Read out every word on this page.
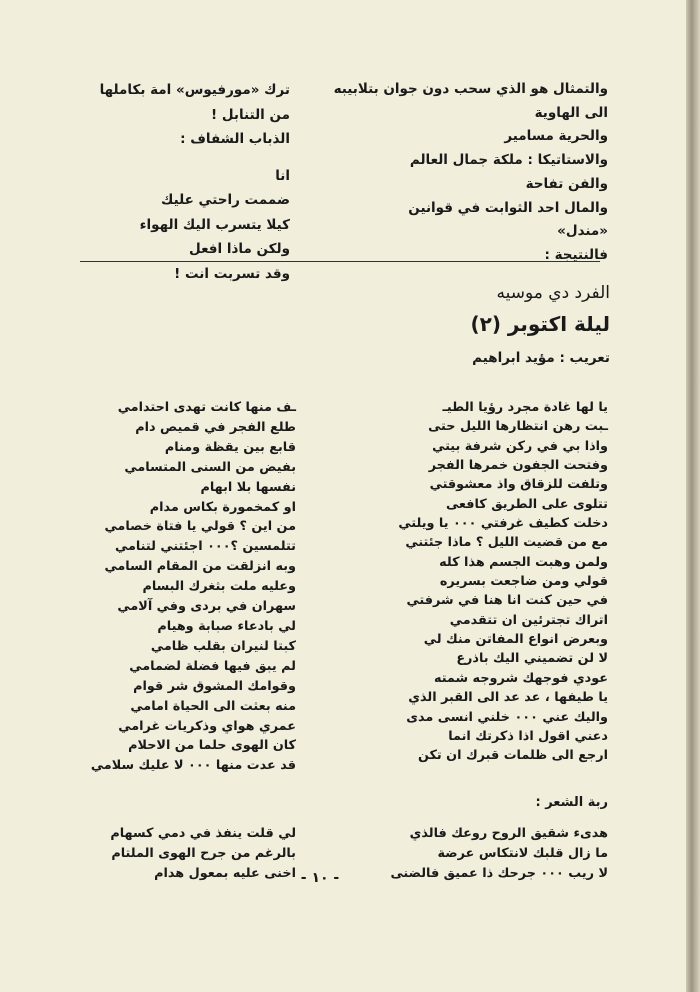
والتمثال هو الذي سحب دون جوان بتلابيبه
الى الهاوية
والحرية مسامير
والاستاتيكا : ملكة جمال العالم
والفن تفاحة
والمال احد الثوابت في قوانين
«مندل»
فالنتيجة :
ترك «مورفيوس» امة بكاملها
من التنابل !
الذباب الشفاف :
انا
ضممت راحتي عليك
كيلا يتسرب اليك الهواء
ولكن ماذا افعل
وقد تسربت انت !
الفرد دي موسيه
ليلة اكتوبر (٢)
تعريب : مؤيد ابراهيم
يا لها غادة مجرد رؤيا الطيـ
ـبت رهن انتظارها الليل حتى
واذا بي في ركن شرفة بيتي
وفتحت الجفون خمرها الفجر
وتلفت للزقاق واذ معشوقتي
تتلوى على الطريق كافعى
دخلت كطيف غرفتي ٠٠٠ يا ويلتي
مع من قضيت الليل ؟ ماذا جئتني
ولمن وهبت الجسم هذا كله
قولي ومن ضاجعت بسريره
في حين كنت انا هنا في شرفتي
اتراك تجترئين ان تتقدمي
وبعرض انواع المفاتن منك لي
لا لن تضميني اليك باذرع
عودي فوجهك شروجه شمته
يا طيفها ، عد عد الى القبر الذي
واليك عني ٠٠٠ خلني انسى مدى
دعني اقول اذا ذكرتك انما
ارجع الى ظلمات قبرك ان تكن
ـف منها كانت تهدى احتدامي
طلع الفجر في قميص دام
قابع بين يقظة ومنام
بفيض من السنى المتسامي
نفسها بلا ابهام
او كمخمورة بكاس مدام
من اين ؟ قولي يا فتاة خصامي
تتلمسين ؟٠٠٠ اجئتني لتنامي
وبه انزلقت من المقام السامي
وعليه ملت بثغرك البسام
سهران في بردى وفي آلامي
لي بادعاء صبابة وهيام
كبتا لنيران بقلب ظامي
لم يبق فيها فضلة لضمامي
وقوامك المشوق شر قوام
منه بعثت الى الحياة امامي
عمري هواي وذكريات غرامي
كان الهوى حلما من الاحلام
قد عدت منها ٠٠٠ لا عليك سلامي
ربة الشعر :
هدىء شقيق الروح روعك فالذي
ما زال قلبك لانتكاس عرضة
لا ريب ٠٠٠ جرحك ذا عميق فالضنى
لي قلت ينفذ في دمي كسهام
بالرغم من جرح الهوى الملتام
اخنى عليه بمعول هدام - ١٠ -
